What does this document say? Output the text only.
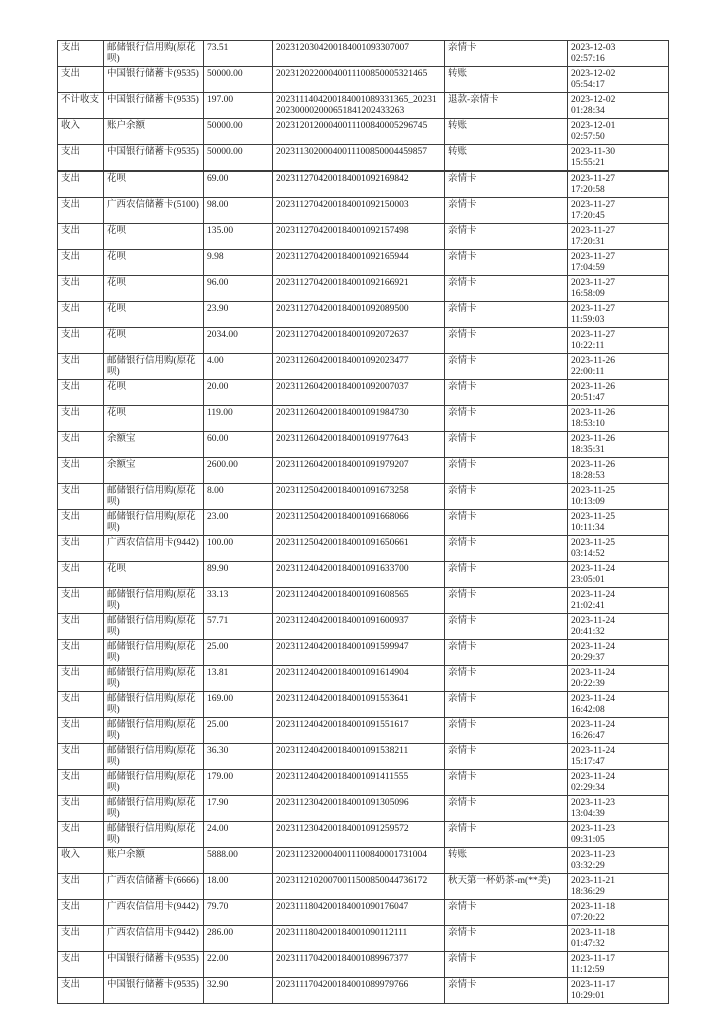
支出	邮储银行信用购(原花呗)	73.51	2023120304200184001093307007	亲情卡	2023-12-03
02:57:16

支出	中国银行储蓄卡(9535)	50000.00	20231202200040011100850005321465	转账	2023-12-02
05:54:17

不计收支	中国银行储蓄卡(9535)	197.00	2023111404200184001089331365_20231202300002000651841202433263	退款-亲情卡	2023-12-02
01:28:34

收入	账户余额	50000.00	20231201200040011100840005296745	转账	2023-12-01
02:57:50

支出	中国银行储蓄卡(9535)	50000.00	20231130200040011100850004459857	转账	2023-11-30
15:55:21
支出	花呗	69.00	2023112704200184001092169842	亲情卡	2023-11-27
17:20:58

支出	广西农信储蓄卡(5100)	98.00	2023112704200184001092150003	亲情卡	2023-11-27
17:20:45

支出	花呗	135.00	2023112704200184001092157498	亲情卡	2023-11-27
17:20:31

支出	花呗	9.98	2023112704200184001092165944	亲情卡	2023-11-27
17:04:59

支出	花呗	96.00	2023112704200184001092166921	亲情卡	2023-11-27
16:58:09

支出	花呗	23.90	2023112704200184001092089500	亲情卡	2023-11-27
11:59:03

支出	花呗	2034.00	2023112704200184001092072637	亲情卡	2023-11-27
10:22:11

支出	邮储银行信用购(原花呗)	4.00	2023112604200184001092023477	亲情卡	2023-11-26
22:00:11

支出	花呗	20.00	2023112604200184001092007037	亲情卡	2023-11-26
20:51:47

支出	花呗	119.00	2023112604200184001091984730	亲情卡	2023-11-26
18:53:10

支出	余额宝	60.00	2023112604200184001091977643	亲情卡	2023-11-26
18:35:31

支出	余额宝	2600.00	2023112604200184001091979207	亲情卡	2023-11-26
18:28:53

支出	邮储银行信用购(原花呗)	8.00	2023112504200184001091673258	亲情卡	2023-11-25
10:13:09

支出	邮储银行信用购(原花呗)	23.00	2023112504200184001091668066	亲情卡	2023-11-25
10:11:34

支出	广西农信信用卡(9442)	100.00	2023112504200184001091650661	亲情卡	2023-11-25
03:14:52

支出	花呗	89.90	2023112404200184001091633700	亲情卡	2023-11-24
23:05:01

支出	邮储银行信用购(原花呗)	33.13	2023112404200184001091608565	亲情卡	2023-11-24
21:02:41

支出	邮储银行信用购(原花呗)	57.71	2023112404200184001091600937	亲情卡	2023-11-24
20:41:32

支出	邮储银行信用购(原花呗)	25.00	2023112404200184001091599947	亲情卡	2023-11-24
20:29:37

支出	邮储银行信用购(原花呗)	13.81	2023112404200184001091614904	亲情卡	2023-11-24
20:22:39

支出	邮储银行信用购(原花呗)	169.00	2023112404200184001091553641	亲情卡	2023-11-24
16:42:08

支出	邮储银行信用购(原花呗)	25.00	2023112404200184001091551617	亲情卡	2023-11-24
16:26:47

支出	邮储银行信用购(原花呗)	36.30	2023112404200184001091538211	亲情卡	2023-11-24
15:17:47

支出	邮储银行信用购(原花呗)	179.00	2023112404200184001091411555	亲情卡	2023-11-24
02:29:34

支出	邮储银行信用购(原花呗)	17.90	2023112304200184001091305096	亲情卡	2023-11-23
13:04:39

支出	邮储银行信用购(原花呗)	24.00	2023112304200184001091259572	亲情卡	2023-11-23
09:31:05

收入	账户余额	5888.00	20231123200040011100840001731004	转账	2023-11-23
03:32:29

支出	广西农信储蓄卡(6666)	18.00	20231121020070011500850044736172	秋天第一杯奶茶-m(**美)	2023-11-21
18:36:29

支出	广西农信信用卡(9442)	79.70	2023111804200184001090176047	亲情卡	2023-11-18
07:20:22

支出	广西农信信用卡(9442)	286.00	2023111804200184001090112111	亲情卡	2023-11-18
01:47:32

支出	中国银行储蓄卡(9535)	22.00	2023111704200184001089967377	亲情卡	2023-11-17
11:12:59

支出	中国银行储蓄卡(9535)	32.90	2023111704200184001089979766	亲情卡	2023-11-17
10:29:01
